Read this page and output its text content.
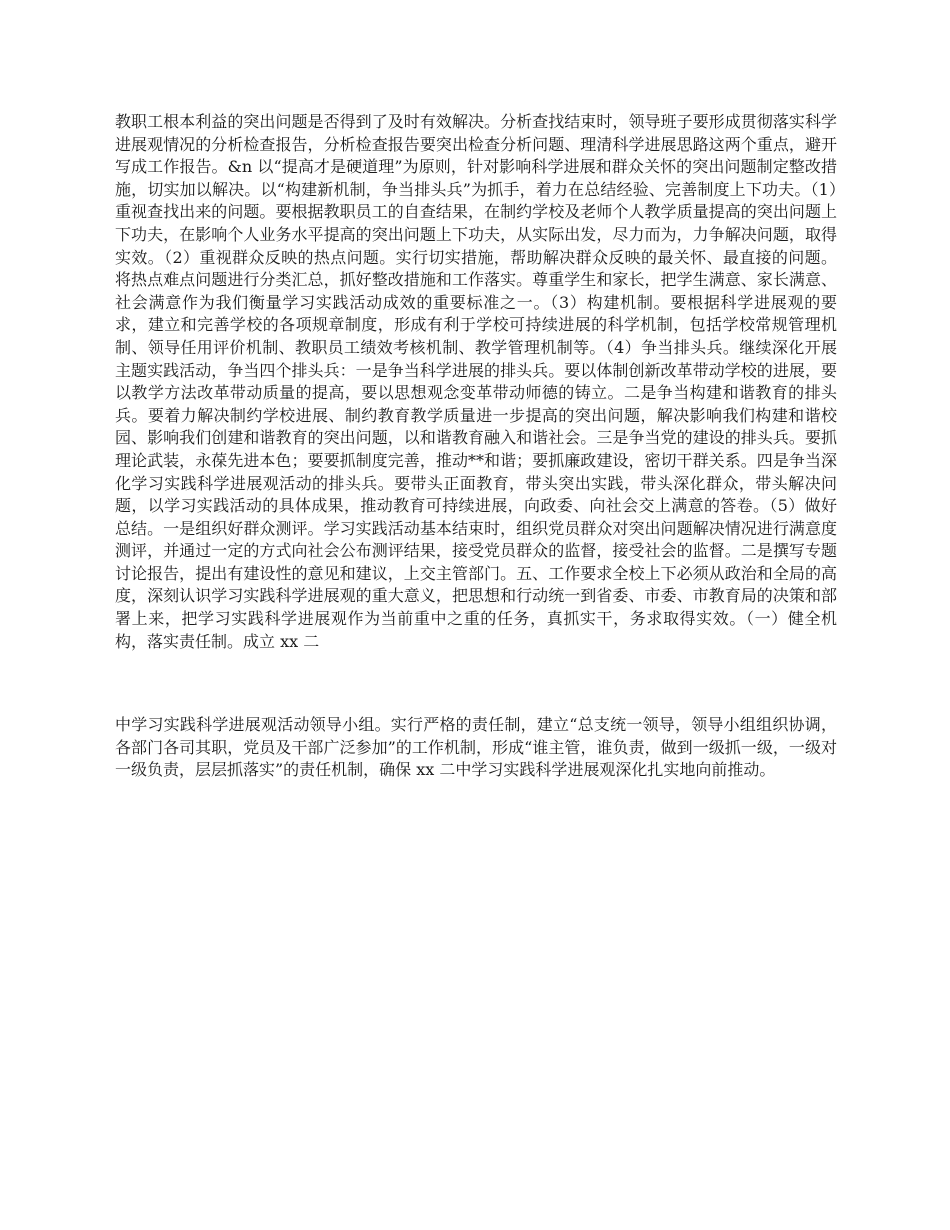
教职工根本利益的突出问题是否得到了及时有效解决。分析查找结束时，领导班子要形成贯彻落实科学进展观情况的分析检查报告，分析检查报告要突出检查分析问题、理清科学进展思路这两个重点，避开写成工作报告。&n 以“提高才是硬道理”为原则，针对影响科学进展和群众关怀的突出问题制定整改措施，切实加以解决。以“构建新机制，争当排头兵”为抓手，着力在总结经验、完善制度上下功夫。（1）重视查找出来的问题。要根据教职员工的自查结果，在制约学校及老师个人教学质量提高的突出问题上下功夫，在影响个人业务水平提高的突出问题上下功夫，从实际出发，尽力而为，力争解决问题，取得实效。（2）重视群众反映的热点问题。实行切实措施，帮助解决群众反映的最关怀、最直接的问题。将热点难点问题进行分类汇总，抓好整改措施和工作落实。尊重学生和家长，把学生满意、家长满意、社会满意作为我们衡量学习实践活动成效的重要标准之一。（3）构建机制。要根据科学进展观的要求，建立和完善学校的各项规章制度，形成有利于学校可持续进展的科学机制，包括学校常规管理机制、领导任用评价机制、教职员工绩效考核机制、教学管理机制等。（4）争当排头兵。继续深化开展主题实践活动，争当四个排头兵：一是争当科学进展的排头兵。要以体制创新改革带动学校的进展，要以教学方法改革带动质量的提高，要以思想观念变革带动师德的铸立。二是争当构建和谐教育的排头兵。要着力解决制约学校进展、制约教育教学质量进一步提高的突出问题，解决影响我们构建和谐校园、影响我们创建和谐教育的突出问题，以和谐教育融入和谐社会。三是争当党的建设的排头兵。要抓理论武装，永葆先进本色；要要抓制度完善，推动**和谐；要抓廉政建设，密切干群关系。四是争当深化学习实践科学进展观活动的排头兵。要带头正面教育，带头突出实践，带头深化群众，带头解决问题，以学习实践活动的具体成果，推动教育可持续进展，向政委、向社会交上满意的答卷。（5）做好总结。一是组织好群众测评。学习实践活动基本结束时，组织党员群众对突出问题解决情况进行满意度测评，并通过一定的方式向社会公布测评结果，接受党员群众的监督，接受社会的监督。二是撰写专题讨论报告，提出有建设性的意见和建议，上交主管部门。五、工作要求全校上下必须从政治和全局的高度，深刻认识学习实践科学进展观的重大意义，把思想和行动统一到省委、市委、市教育局的决策和部署上来，把学习实践科学进展观作为当前重中之重的任务，真抓实干，务求取得实效。（一）健全机构，落实责任制。成立 xx 二

中学习实践科学进展观活动领导小组。实行严格的责任制，建立“总支统一领导，领导小组组织协调，各部门各司其职，党员及干部广泛参加”的工作机制，形成“谁主管，谁负责，做到一级抓一级，一级对一级负责，层层抓落实”的责任机制，确保 xx 二中学习实践科学进展观深化扎实地向前推动。
